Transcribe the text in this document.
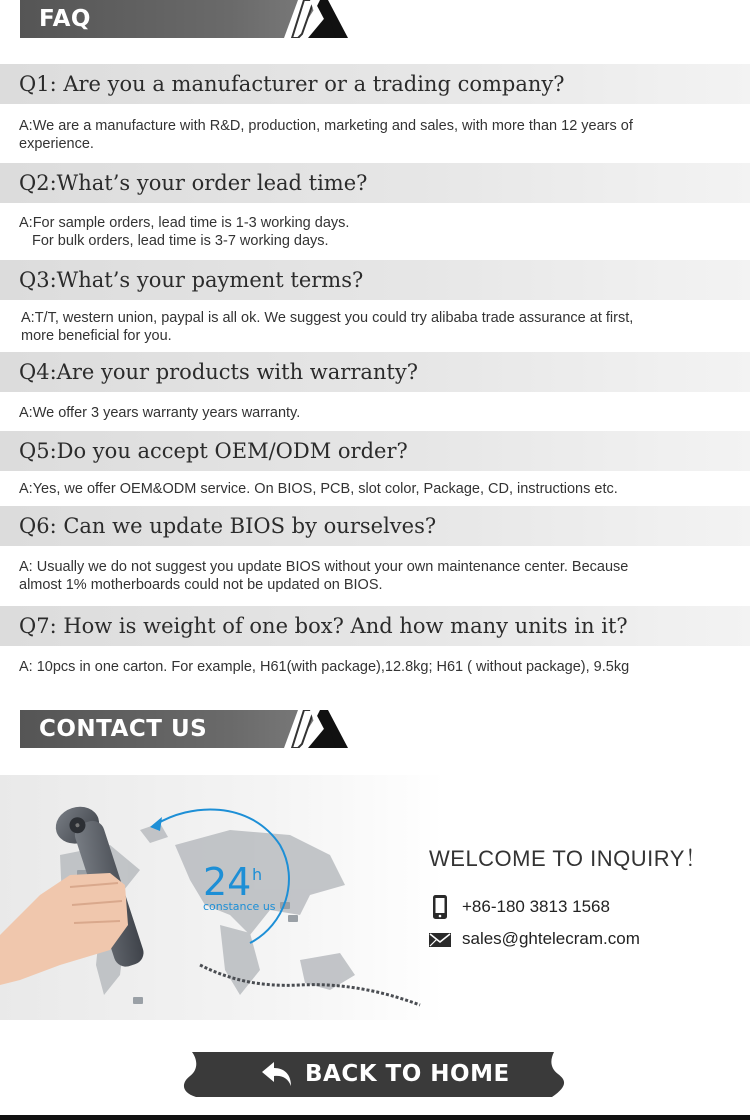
FAQ
Q1: Are you a manufacturer or a trading company?
A:We are a manufacture with R&D, production, marketing and sales, with more than 12 years of
experience.
Q2:What’s your order lead time?
A:For sample orders, lead time is 1-3 working days.
For bulk orders, lead time is 3-7 working days.
Q3:What’s your payment terms?
A:T/T, western union, paypal is all ok. We suggest you could try alibaba trade assurance at first,
more beneficial for you.
Q4:Are your products with warranty?
A:We offer 3 years warranty years warranty.
Q5:Do you accept OEM/ODM order?
A:Yes, we offer OEM&ODM service. On BIOS, PCB, slot color, Package, CD, instructions etc.
Q6: Can we update BIOS by ourselves?
A: Usually we do not suggest you update BIOS without your own maintenance center. Because
almost 1% motherboards could not be updated on BIOS.
Q7: How is weight of one box? And how many units in it?
A: 10pcs in one carton. For example, H61(with package),12.8kg; H61 ( without package), 9.5kg
CONTACT US
24 h
constance us
WELCOME TO INQUIRY！
+86-180 3813 1568
sales@ghtelecram.com
BACK TO HOME
